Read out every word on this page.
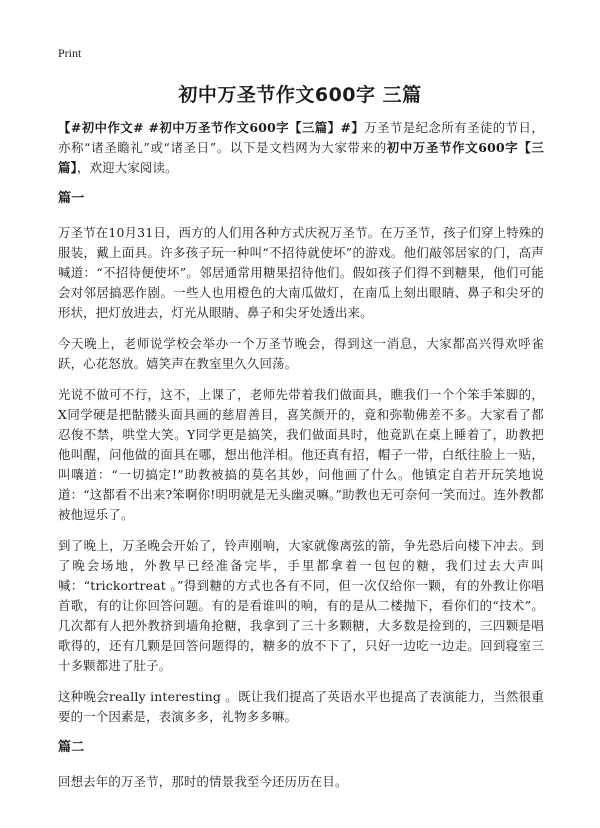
Print
初中万圣节作文600字 三篇

【#初中作文# #初中万圣节作文600字【三篇】#】万圣节是纪念所有圣徒的节日，亦称“诸圣瞻礼”或“诸圣日”。以下是文档网为大家带来的初中万圣节作文600字【三篇】，欢迎大家阅读。

篇一

万圣节在10月31日，西方的人们用各种方式庆祝万圣节。在万圣节，孩子们穿上特殊的服装，戴上面具。许多孩子玩一种叫“不招待就使坏”的游戏。他们敲邻居家的门，高声喊道：“不招待便使坏”。邻居通常用糖果招待他们。假如孩子们得不到糖果，他们可能会对邻居搞恶作剧。一些人也用橙色的大南瓜做灯，在南瓜上刻出眼睛、鼻子和尖牙的形状，把灯放进去，灯光从眼睛、鼻子和尖牙处透出来。

今天晚上，老师说学校会举办一个万圣节晚会，得到这一消息，大家都高兴得欢呼雀跃，心花怒放。嬉笑声在教室里久久回荡。

光说不做可不行，这不，上课了，老师先带着我们做面具，瞧我们一个个笨手笨脚的，X同学硬是把骷髅头面具画的慈眉善目，喜笑颜开的，竟和弥勒佛差不多。大家看了都忍俊不禁，哄堂大笑。Y同学更是搞笑，我们做面具时，他竟趴在桌上睡着了，助教把他叫醒，问他做的面具在哪，想出他洋相。他还真有招，帽子一带，白纸往脸上一贴，叫嚷道：“一切搞定!”助教被搞的莫名其妙，问他画了什么。他镇定自若开玩笑地说道：“这都看不出来?笨啊你!明明就是无头幽灵嘛。”助教也无可奈何一笑而过。连外教都被他逗乐了。

到了晚上，万圣晚会开始了，铃声刚响，大家就像离弦的箭，争先恐后向楼下冲去。到了晚会场地，外教早已经准备完毕，手里都拿着一包包的糖，我们过去大声叫喊：“trickortreat 。”得到糖的方式也各有不同，但一次仅给你一颗，有的外教让你唱首歌，有的让你回答问题。有的是看谁叫的响，有的是从二楼抛下，看你们的“技术”。几次都有人把外教挤到墙角抢糖，我拿到了三十多颗糖，大多数是捡到的，三四颗是唱歌得的，还有几颗是回答问题得的，糖多的放不下了，只好一边吃一边走。回到寝室三十多颗都进了肚子。

这种晚会really interesting 。既让我们提高了英语水平也提高了表演能力，当然很重要的一个因素是，表演多多，礼物多多嘛。

篇二

回想去年的万圣节，那时的情景我至今还历历在目。
